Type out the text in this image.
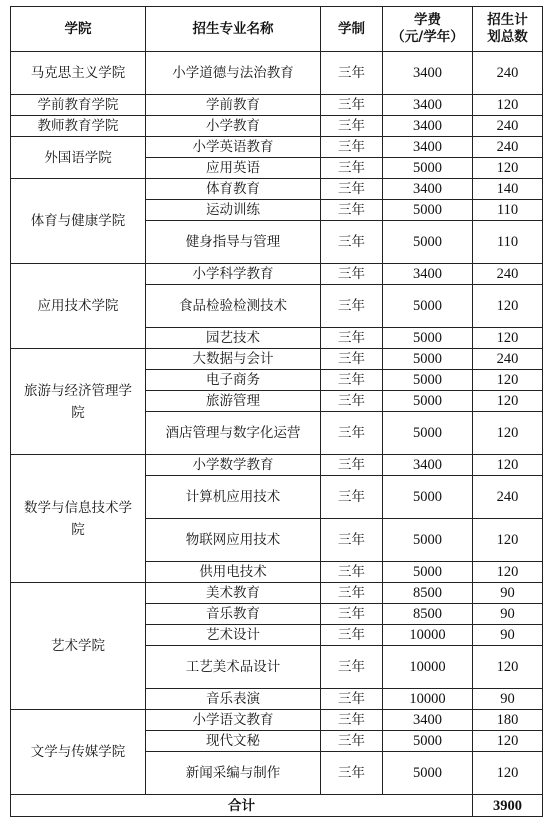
学院	招生专业名称	学制	学费
（元/学年）	招生计
划总数
马克思主义学院	小学道德与法治教育	三年	3400	240
学前教育学院	学前教育	三年	3400	120
教师教育学院	小学教育	三年	3400	240
外国语学院	小学英语教育	三年	3400	240
	应用英语	三年	5000	120
体育与健康学院	体育教育	三年	3400	140
	运动训练	三年	5000	110
	健身指导与管理	三年	5000	110
应用技术学院	小学科学教育	三年	3400	240
	食品检验检测技术	三年	5000	120
	园艺技术	三年	5000	120

旅游与经济管理学院	大数据与会计	三年	5000	240
	电子商务	三年	5000	120
	旅游管理	三年	5000	120
	酒店管理与数字化运营	三年	5000	120

数学与信息技术学院	小学数学教育	三年	3400	120
	计算机应用技术	三年	5000	240
	物联网应用技术	三年	5000	120
	供用电技术	三年	5000	120
艺术学院	美术教育	三年	8500	90
	音乐教育	三年	8500	90
	艺术设计	三年	10000	90
	工艺美术品设计	三年	10000	120
	音乐表演	三年	10000	90
文学与传媒学院	小学语文教育	三年	3400	180
	现代文秘	三年	5000	120
	新闻采编与制作	三年	5000	120
合计				3900
